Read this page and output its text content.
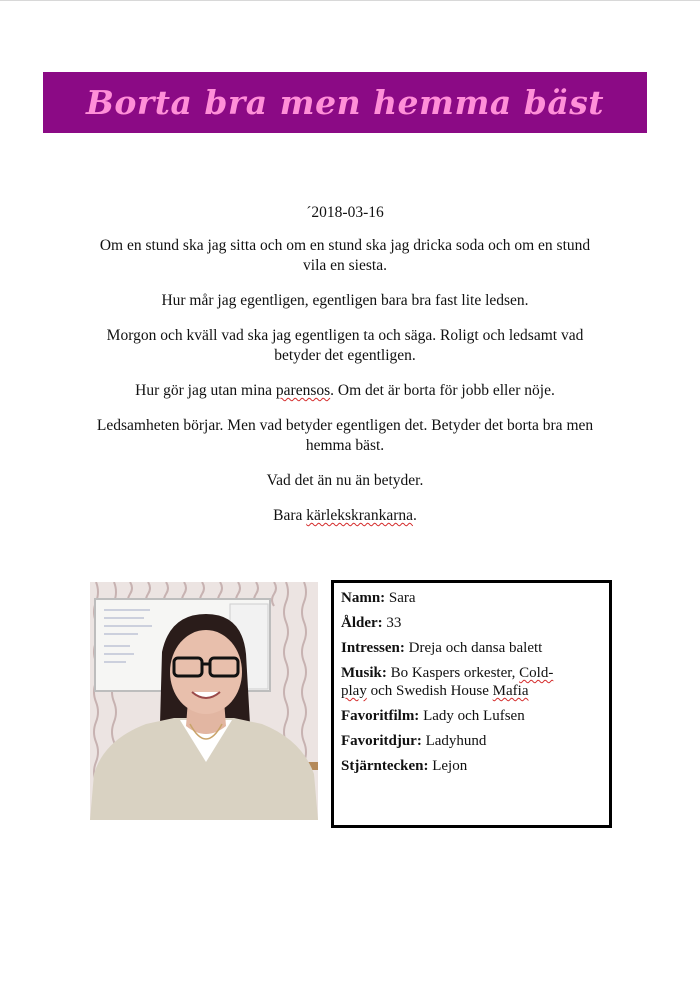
Borta bra men hemma bäst
´2018-03-16

Om en stund ska jag sitta och om en stund ska jag dricka soda och om en stund vila en siesta.

Hur mår jag egentligen, egentligen bara bra fast lite ledsen.

Morgon och kväll vad ska jag egentligen ta och säga. Roligt och ledsamt vad betyder det egentligen.

Hur gör jag utan mina parensos. Om det är borta för jobb eller nöje.

Ledsamheten börjar. Men vad betyder egentligen det. Betyder det borta bra men hemma bäst.

Vad det än nu än betyder.

Bara kärlekskrankarna.

Namn: Sara
Ålder: 33
Intressen: Dreja och dansa balett
Musik: Bo Kaspers orkester, Cold-
play och Swedish House Mafia
Favoritfilm: Lady och Lufsen
Favoritdjur: Ladyhund
Stjärntecken: Lejon
